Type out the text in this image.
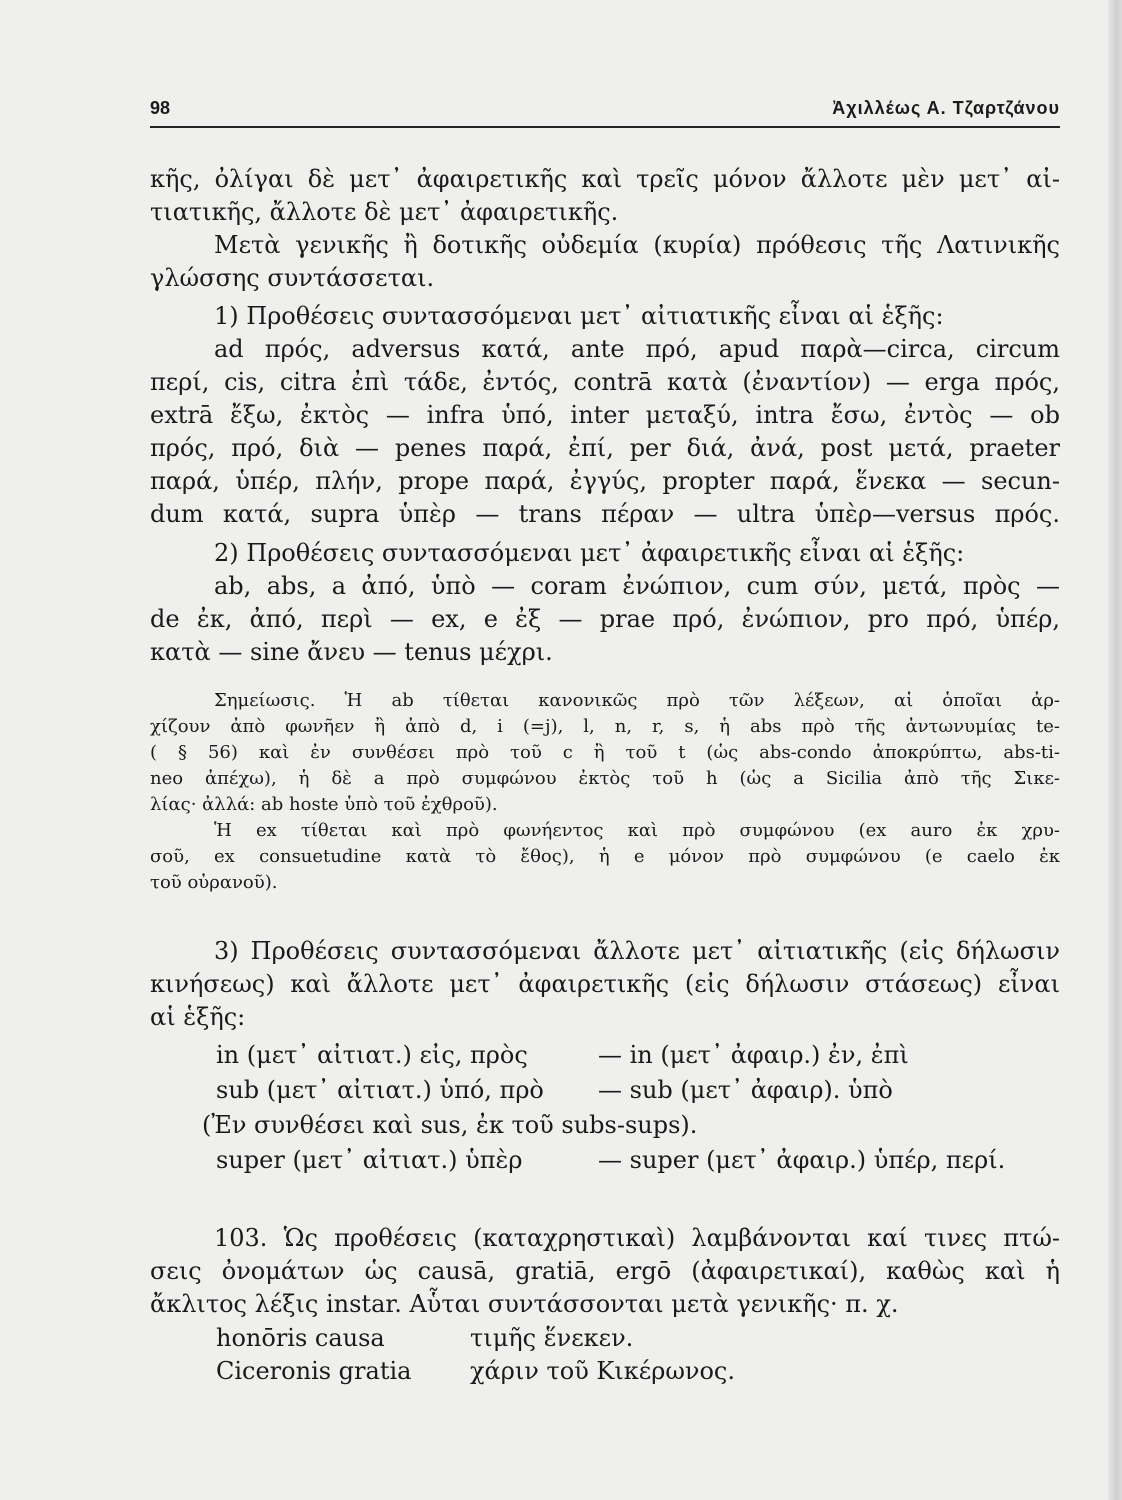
98	Ἀχιλλέως Α. Τζαρτζάνου
κῆς, ὀλίγαι δὲ μετ᾿ ἀφαιρετικῆς καὶ τρεῖς μόνον ἄλλοτε μὲν μετ᾿ αἰ-
τιατικῆς, ἄλλοτε δὲ μετ᾿ ἀφαιρετικῆς.
Μετὰ γενικῆς ἢ δοτικῆς οὐδεμία (κυρία) πρόθεσις τῆς Λατινικῆς
γλώσσης συντάσσεται.
1) Προθέσεις συντασσόμεναι μετ᾿ αἰτιατικῆς εἶναι αἱ ἑξῆς:
ad πρός, adversus κατά, ante πρό, apud παρὰ—circa, circum
περί, cis, citra ἐπὶ τάδε, ἐντός, contrā κατὰ (ἐναντίον) — erga πρός,
extrā ἔξω, ἐκτὸς — infra ὑπό, inter μεταξύ, intra ἔσω, ἐντὸς — ob
πρός, πρό, διὰ — penes παρά, ἐπί, per διά, ἀνά, post μετά, praeter
παρά, ὑπέρ, πλήν, prope παρά, ἐγγύς, propter παρά, ἕνεκα — secun-
dum κατά, supra ὑπὲρ — trans πέραν — ultra ὑπὲρ—versus πρός.
2) Προθέσεις συντασσόμεναι μετ᾿ ἀφαιρετικῆς εἶναι αἱ ἑξῆς:
ab, abs, a ἀπό, ὑπὸ — coram ἐνώπιον, cum σύν, μετά, πρὸς —
de ἐκ, ἀπό, περὶ — ex, e ἐξ — prae πρό, ἐνώπιον, pro πρό, ὑπέρ,
κατὰ — sine ἄνευ — tenus μέχρι.
Σημείωσις. Ἡ ab τίθεται κανονικῶς πρὸ τῶν λέξεων, αἱ ὁποῖαι ἀρ-
χίζουν ἀπὸ φωνῆεν ἢ ἀπὸ d, i (=j), l, n, r, s, ἡ abs πρὸ τῆς ἀντωνυμίας te-
( § 56) καὶ ἐν συνθέσει πρὸ τοῦ c ἢ τοῦ t (ὡς abs-condo ἀποκρύπτω, abs-ti-
neo ἀπέχω), ἡ δὲ a πρὸ συμφώνου ἐκτὸς τοῦ h (ὡς a Sicilia ἀπὸ τῆς Σικε-
λίας· ἀλλά: ab hoste ὑπὸ τοῦ ἐχθροῦ).
Ἡ ex τίθεται καὶ πρὸ φωνήεντος καὶ πρὸ συμφώνου (ex auro ἐκ χρυ-
σοῦ, ex consuetudine κατὰ τὸ ἔθος), ἡ e μόνον πρὸ συμφώνου (e caelo ἐκ
τοῦ οὐρανοῦ).
3) Προθέσεις συντασσόμεναι ἄλλοτε μετ᾿ αἰτιατικῆς (εἰς δήλωσιν
κινήσεως) καὶ ἄλλοτε μετ᾿ ἀφαιρετικῆς (εἰς δήλωσιν στάσεως) εἶναι
αἱ ἑξῆς:
in (μετ᾿ αἰτιατ.) εἰς, πρὸς	— in (μετ᾿ ἀφαιρ.) ἐν, ἐπὶ
sub (μετ᾿ αἰτιατ.) ὑπό, πρὸ — sub (μετ᾿ ἀφαιρ). ὑπὸ
(Ἐν συνθέσει καὶ sus, ἐκ τοῦ subs-sups).
super (μετ᾿ αἰτιατ.) ὑπὲρ	— super (μετ᾿ ἀφαιρ.) ὑπέρ, περί.
103. Ὡς προθέσεις (καταχρηστικαὶ) λαμβάνονται καί τινες πτώ-
σεις ὀνομάτων ὡς causā, gratiā, ergō (ἀφαιρετικαί), καθὼς καὶ ἡ
ἄκλιτος λέξις instar. Αὗται συντάσσονται μετὰ γενικῆς· π. χ.
honōris causa	τιμῆς ἕνεκεν.
Ciceronis gratia χάριν τοῦ Κικέρωνος.
